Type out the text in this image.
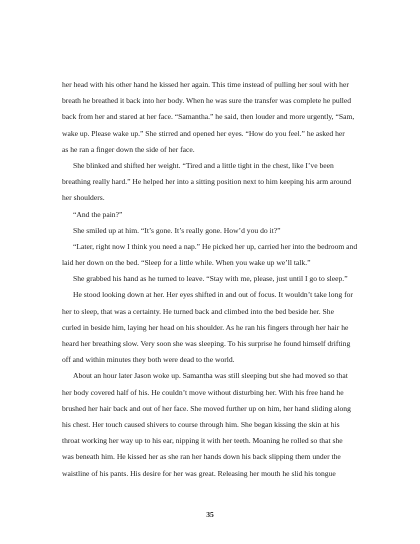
her head with his other hand he kissed her again. This time instead of pulling her soul with her
breath he breathed it back into her body. When he was sure the transfer was complete he pulled
back from her and stared at her face. “Samantha.” he said, then louder and more urgently, “Sam,
wake up. Please wake up.” She stirred and opened her eyes. “How do you feel.” he asked her
as he ran a finger down the side of her face.
She blinked and shifted her weight. “Tired and a little tight in the chest, like I’ve been
breathing really hard.” He helped her into a sitting position next to him keeping his arm around
her shoulders.
“And the pain?”
She smiled up at him. “It’s gone. It’s really gone. How’d you do it?”
“Later, right now I think you need a nap.” He picked her up, carried her into the bedroom and
laid her down on the bed. “Sleep for a little while. When you wake up we’ll talk.”
She grabbed his hand as he turned to leave. “Stay with me, please, just until I go to sleep.”
He stood looking down at her. Her eyes shifted in and out of focus. It wouldn’t take long for
her to sleep, that was a certainty. He turned back and climbed into the bed beside her. She
curled in beside him, laying her head on his shoulder. As he ran his fingers through her hair he
heard her breathing slow. Very soon she was sleeping. To his surprise he found himself drifting
off and within minutes they both were dead to the world.
About an hour later Jason woke up. Samantha was still sleeping but she had moved so that
her body covered half of his. He couldn’t move without disturbing her. With his free hand he
brushed her hair back and out of her face. She moved further up on him, her hand sliding along
his chest. Her touch caused shivers to course through him. She began kissing the skin at his
throat working her way up to his ear, nipping it with her teeth. Moaning he rolled so that she
was beneath him. He kissed her as she ran her hands down his back slipping them under the
waistline of his pants. His desire for her was great. Releasing her mouth he slid his tongue
35
